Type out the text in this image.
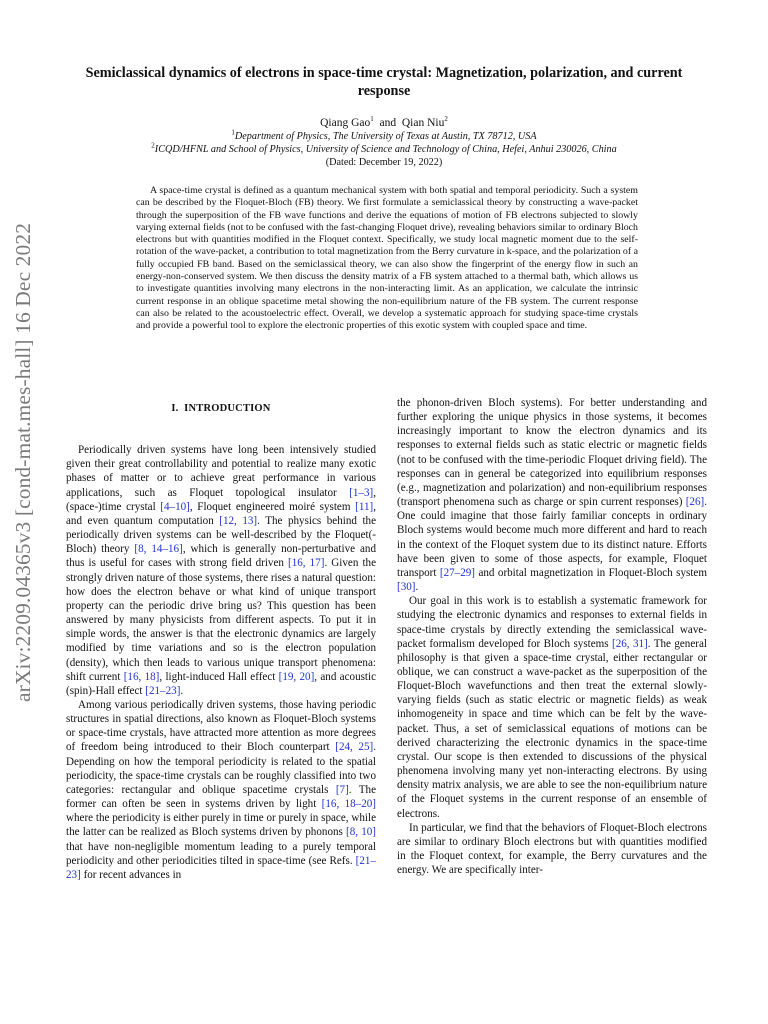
arXiv:2209.04365v3 [cond-mat.mes-hall] 16 Dec 2022
Semiclassical dynamics of electrons in space-time crystal: Magnetization, polarization, and current response
Qiang Gao$^1$ and Qian Niu$^2$
$^1$Department of Physics, The University of Texas at Austin, TX 78712, USA
$^2$ICQD/HFNL and School of Physics, University of Science and Technology of China, Hefei, Anhui 230026, China
(Dated: December 19, 2022)

A space-time crystal is defined as a quantum mechanical system with both spatial and temporal periodicity. Such a system can be described by the Floquet-Bloch (FB) theory. We first formulate a semiclassical theory by constructing a wave-packet through the superposition of the FB wave functions and derive the equations of motion of FB electrons subjected to slowly varying external fields (not to be confused with the fast-changing Floquet drive), revealing behaviors similar to ordinary Bloch electrons but with quantities modified in the Floquet context. Specifically, we study local magnetic moment due to the self-rotation of the wave-packet, a contribution to total magnetization from the Berry curvature in k-space, and the polarization of a fully occupied FB band. Based on the semiclassical theory, we can also show the fingerprint of the energy flow in such an energy-non-conserved system. We then discuss the density matrix of a FB system attached to a thermal bath, which allows us to investigate quantities involving many electrons in the non-interacting limit. As an application, we calculate the intrinsic current response in an oblique spacetime metal showing the non-equilibrium nature of the FB system. The current response can also be related to the acoustoelectric effect. Overall, we develop a systematic approach for studying space-time crystals and provide a powerful tool to explore the electronic properties of this exotic system with coupled space and time.

I. INTRODUCTION

Periodically driven systems have long been intensively studied given their great controllability and potential to realize many exotic phases of matter or to achieve great performance in various applications, such as Floquet topological insulator [1–3], (space-)time crystal [4–10], Floquet engineered moiré system [11], and even quantum computation [12, 13]. The physics behind the periodically driven systems can be well-described by the Floquet(-Bloch) theory [8, 14–16], which is generally non-perturbative and thus is useful for cases with strong field driven [16, 17]. Given the strongly driven nature of those systems, there rises a natural question: how does the electron behave or what kind of unique transport property can the periodic drive bring us? This question has been answered by many physicists from different aspects. To put it in simple words, the answer is that the electronic dynamics are largely modified by time variations and so is the electron population (density), which then leads to various unique transport phenomena: shift current [16, 18], light-induced Hall effect [19, 20], and acoustic (spin)-Hall effect [21–23].

Among various periodically driven systems, those having periodic structures in spatial directions, also known as Floquet-Bloch systems or space-time crystals, have attracted more attention as more degrees of freedom being introduced to their Bloch counterpart [24, 25]. Depending on how the temporal periodicity is related to the spatial periodicity, the space-time crystals can be roughly classified into two categories: rectangular and oblique spacetime crystals [7]. The former can often be seen in systems driven by light [16, 18–20] where the periodicity is either purely in time or purely in space, while the latter can be realized as Bloch systems driven by phonons [8, 10] that have non-negligible momentum leading to a purely temporal periodicity and other periodicities tilted in space-time (see Refs. [21–23] for recent advances in

the phonon-driven Bloch systems). For better understanding and further exploring the unique physics in those systems, it becomes increasingly important to know the electron dynamics and its responses to external fields such as static electric or magnetic fields (not to be confused with the time-periodic Floquet driving field). The responses can in general be categorized into equilibrium responses (e.g., magnetization and polarization) and non-equilibrium responses (transport phenomena such as charge or spin current responses) [26]. One could imagine that those fairly familiar concepts in ordinary Bloch systems would become much more different and hard to reach in the context of the Floquet system due to its distinct nature. Efforts have been given to some of those aspects, for example, Floquet transport [27–29] and orbital magnetization in Floquet-Bloch system [30].

Our goal in this work is to establish a systematic framework for studying the electronic dynamics and responses to external fields in space-time crystals by directly extending the semiclassical wave-packet formalism developed for Bloch systems [26, 31]. The general philosophy is that given a space-time crystal, either rectangular or oblique, we can construct a wave-packet as the superposition of the Floquet-Bloch wavefunctions and then treat the external slowly-varying fields (such as static electric or magnetic fields) as weak inhomogeneity in space and time which can be felt by the wave-packet. Thus, a set of semiclassical equations of motions can be derived characterizing the electronic dynamics in the space-time crystal. Our scope is then extended to discussions of the physical phenomena involving many yet non-interacting electrons. By using density matrix analysis, we are able to see the non-equilibrium nature of the Floquet systems in the current response of an ensemble of electrons.

In particular, we find that the behaviors of Floquet-Bloch electrons are similar to ordinary Bloch electrons but with quantities modified in the Floquet context, for example, the Berry curvatures and the energy. We are specifically inter-
